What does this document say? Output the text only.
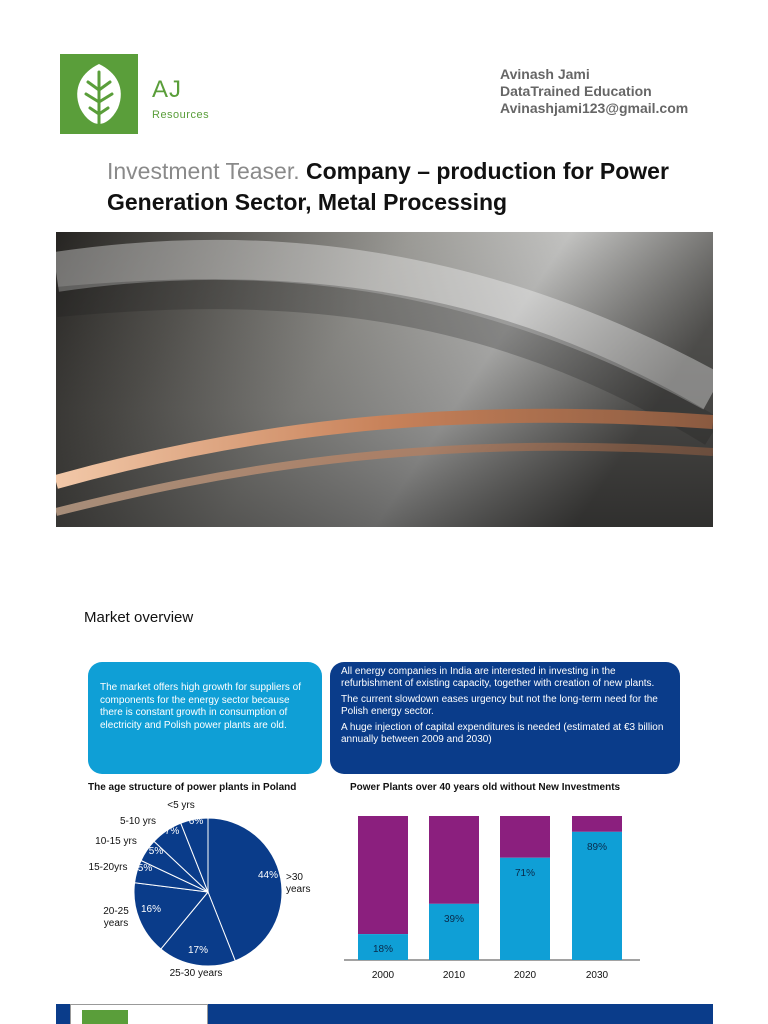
AJ
Resources
Avinash Jami
DataTrained Education
Avinashjami123@gmail.com
Investment Teaser. Company – production for Power Generation Sector, Metal Processing
Market overview
The market offers high growth for suppliers of components for the energy sector because there is constant growth in consumption of electricity and Polish power plants are old.

All energy companies in India are interested in investing in the refurbishment of existing capacity, together with creation of new plants.

The current slowdown eases urgency but not the long-term need for the Polish energy sector.

A huge injection of capital expenditures is needed (estimated at €3 billion annually between 2009 and 2030)

The age structure of power plants in Poland	Power Plants over 40 years old without New Investments
44% >30 years
17%
25-30 years
16%
20-25 years
5%
15-20yrs
5%
10-15 yrs
7%
5-10 yrs	6%
<5 yrs
18%
2000
39%
2010
71%
2020
89%
2030
